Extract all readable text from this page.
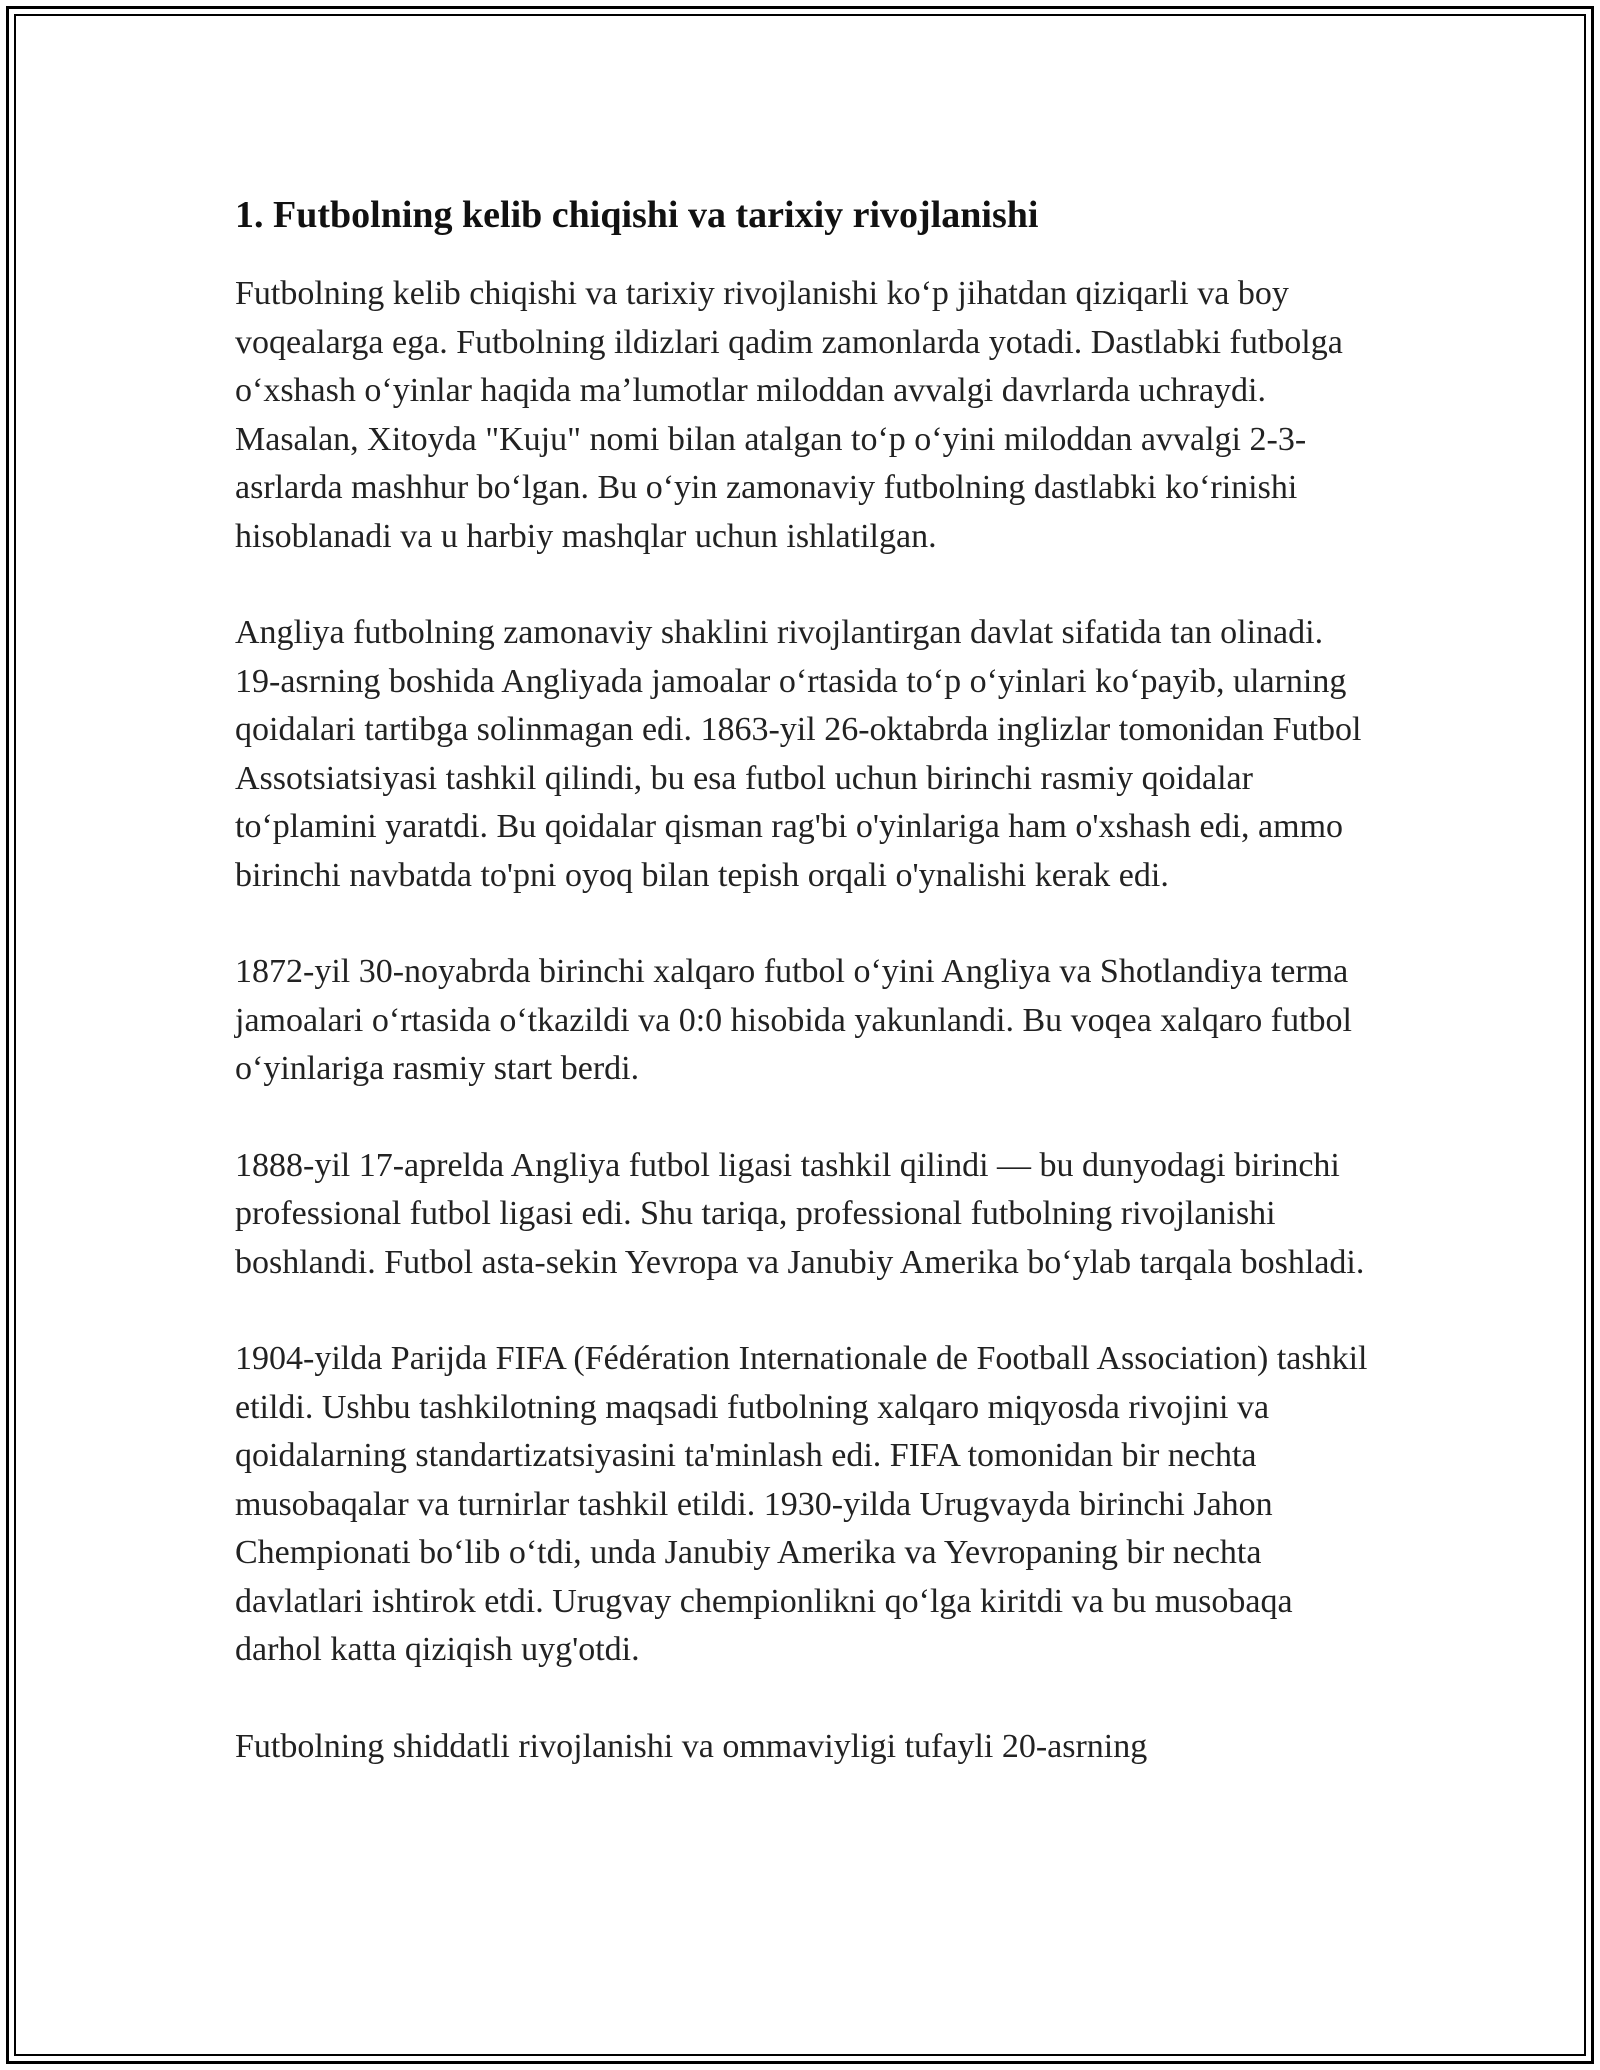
1. Futbolning kelib chiqishi va tarixiy rivojlanishi

Futbolning kelib chiqishi va tarixiy rivojlanishi koʻp jihatdan qiziqarli va boy voqealarga ega. Futbolning ildizlari qadim zamonlarda yotadi. Dastlabki futbolga oʻxshash oʻyinlar haqida maʼlumotlar miloddan avvalgi davrlarda uchraydi. Masalan, Xitoyda "Kuju" nomi bilan atalgan toʻp oʻyini miloddan avvalgi 2-3-asrlarda mashhur boʻlgan. Bu oʻyin zamonaviy futbolning dastlabki koʻrinishi hisoblanadi va u harbiy mashqlar uchun ishlatilgan.

Angliya futbolning zamonaviy shaklini rivojlantirgan davlat sifatida tan olinadi. 19-asrning boshida Angliyada jamoalar oʻrtasida toʻp oʻyinlari koʻpayib, ularning qoidalari tartibga solinmagan edi. 1863-yil 26-oktabrda inglizlar tomonidan Futbol Assotsiatsiyasi tashkil qilindi, bu esa futbol uchun birinchi rasmiy qoidalar toʻplamini yaratdi. Bu qoidalar qisman rag'bi o'yinlariga ham o'xshash edi, ammo birinchi navbatda to'pni oyoq bilan tepish orqali o'ynalishi kerak edi.

1872-yil 30-noyabrda birinchi xalqaro futbol oʻyini Angliya va Shotlandiya terma jamoalari oʻrtasida oʻtkazildi va 0:0 hisobida yakunlandi. Bu voqea xalqaro futbol oʻyinlariga rasmiy start berdi.

1888-yil 17-aprelda Angliya futbol ligasi tashkil qilindi — bu dunyodagi birinchi professional futbol ligasi edi. Shu tariqa, professional futbolning rivojlanishi boshlandi. Futbol asta-sekin Yevropa va Janubiy Amerika boʻylab tarqala boshladi.

1904-yilda Parijda FIFA (Fédération Internationale de Football Association) tashkil etildi. Ushbu tashkilotning maqsadi futbolning xalqaro miqyosda rivojini va qoidalarning standartizatsiyasini ta'minlash edi. FIFA tomonidan bir nechta musobaqalar va turnirlar tashkil etildi. 1930-yilda Urugvayda birinchi Jahon Chempionati boʻlib oʻtdi, unda Janubiy Amerika va Yevropaning bir nechta davlatlari ishtirok etdi. Urugvay chempionlikni qoʻlga kiritdi va bu musobaqa darhol katta qiziqish uyg'otdi.

Futbolning shiddatli rivojlanishi va ommaviyligi tufayli 20-asrning
